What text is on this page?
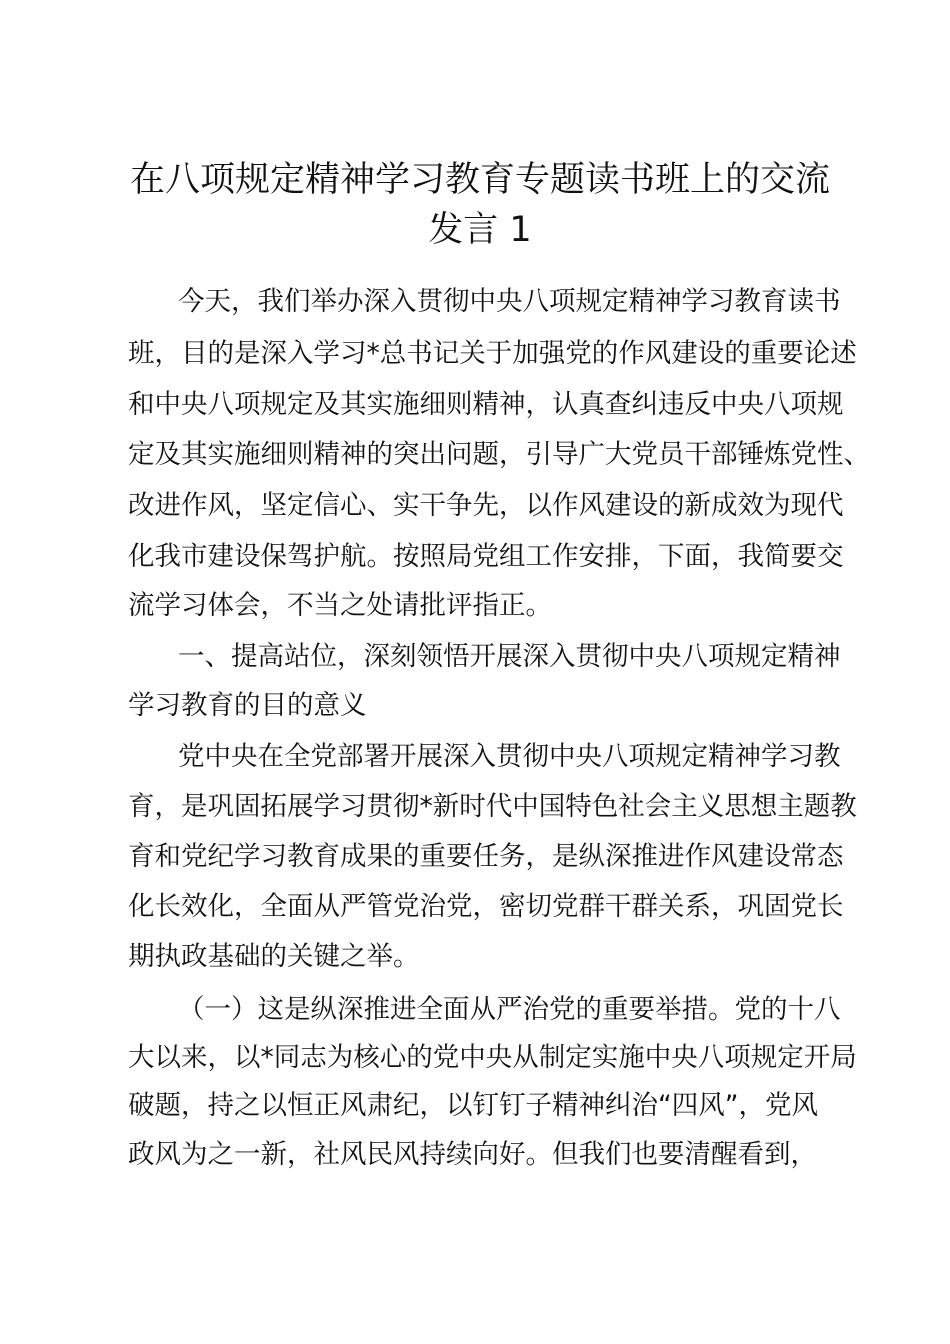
在八项规定精神学习教育专题读书班上的交流
发言 1
今天，我们举办深入贯彻中央八项规定精神学习教育读书
班，目的是深入学习*总书记关于加强党的作风建设的重要论述
和中央八项规定及其实施细则精神，认真查纠违反中央八项规
定及其实施细则精神的突出问题，引导广大党员干部锤炼党性、
改进作风，坚定信心、实干争先，以作风建设的新成效为现代
化我市建设保驾护航。按照局党组工作安排，下面，我简要交
流学习体会，不当之处请批评指正。
一、提高站位，深刻领悟开展深入贯彻中央八项规定精神
学习教育的目的意义
党中央在全党部署开展深入贯彻中央八项规定精神学习教
育，是巩固拓展学习贯彻*新时代中国特色社会主义思想主题教
育和党纪学习教育成果的重要任务，是纵深推进作风建设常态
化长效化，全面从严管党治党，密切党群干群关系，巩固党长
期执政基础的关键之举。
（一）这是纵深推进全面从严治党的重要举措。党的十八
大以来，以*同志为核心的党中央从制定实施中央八项规定开局
破题，持之以恒正风肃纪，以钉钉子精神纠治“四风”，党风
政风为之一新，社风民风持续向好。但我们也要清醒看到，
